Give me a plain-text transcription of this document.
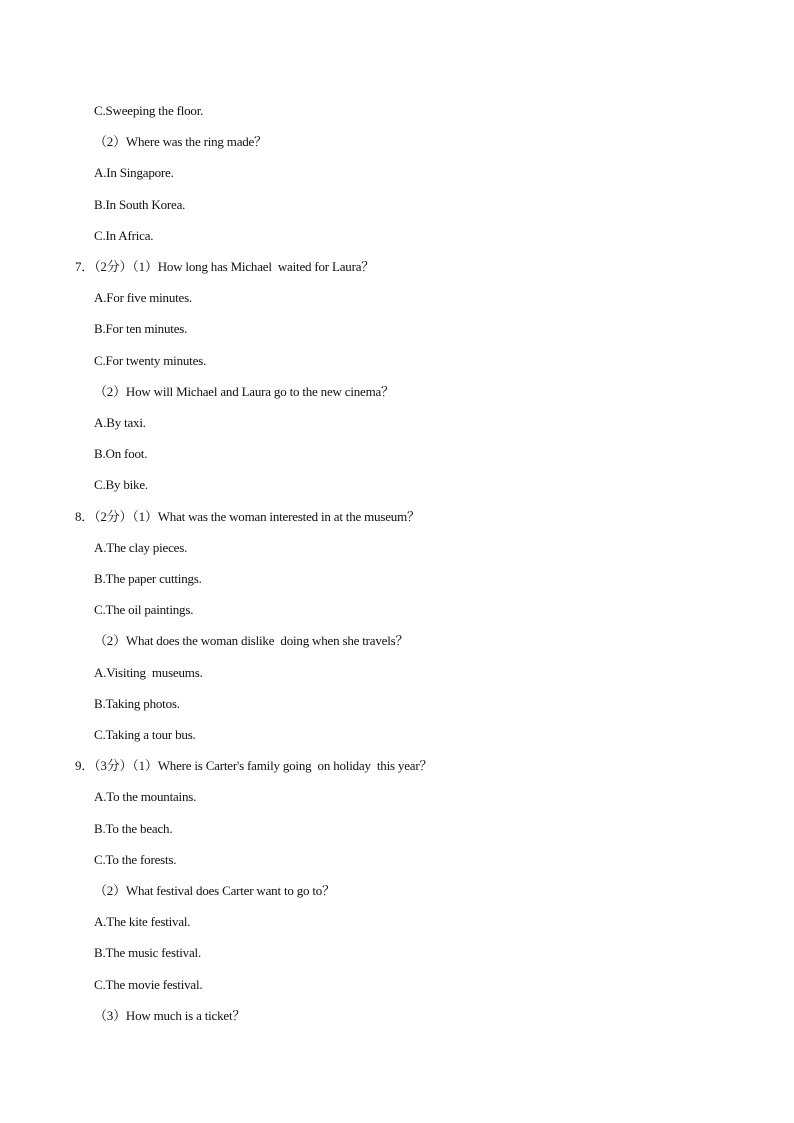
C.Sweeping the floor.
（2）Where was the ring made？
A.In Singapore.
B.In South Korea.
C.In Africa.
7．（2分）（1）How long has Michael  waited for Laura？
A.For five minutes.
B.For ten minutes.
C.For twenty minutes.
（2）How will Michael and Laura go to the new cinema？
A.By taxi.
B.On foot.
C.By bike.
8．（2分）（1）What was the woman interested in at the museum？
A.The clay pieces.
B.The paper cuttings.
C.The oil paintings.
（2）What does the woman dislike  doing when she travels？
A.Visiting  museums.
B.Taking photos.
C.Taking a tour bus.
9．（3分）（1）Where is Carter's family going  on holiday  this year？
A.To the mountains.
B.To the beach.
C.To the forests.
（2）What festival does Carter want to go to？
A.The kite festival.
B.The music festival.
C.The movie festival.
（3）How much is a ticket？
